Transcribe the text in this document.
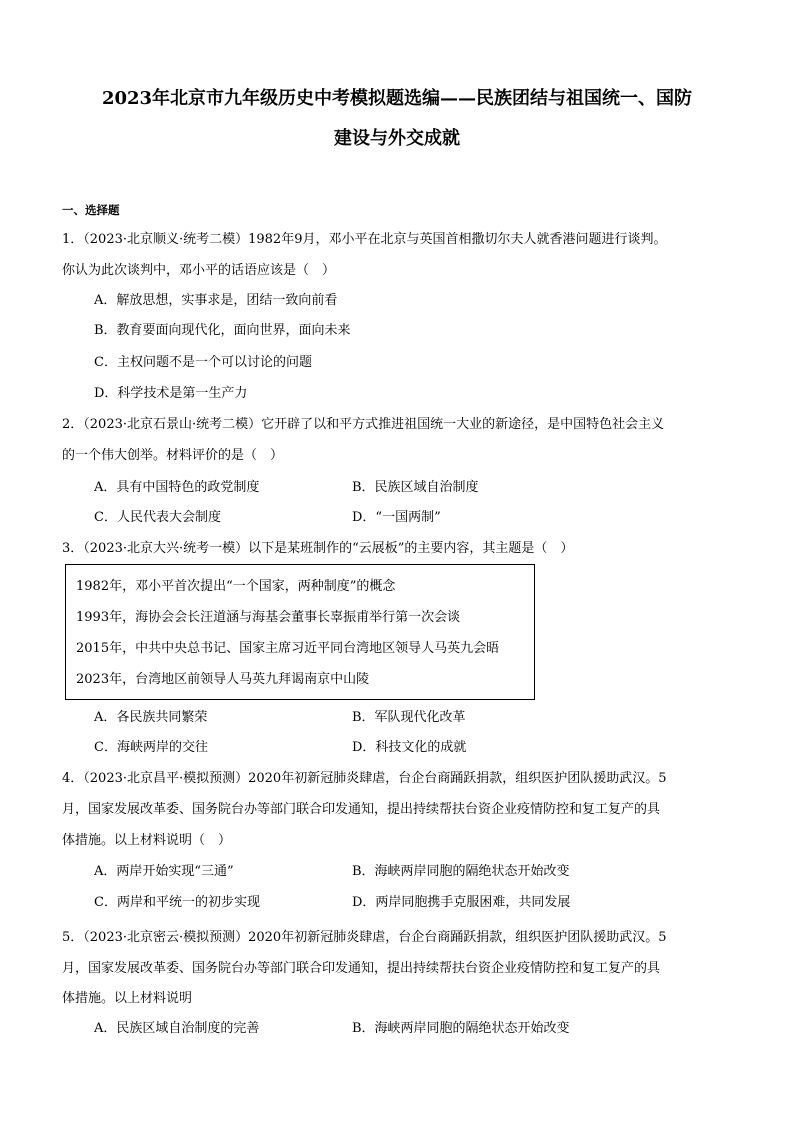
2023年北京市九年级历史中考模拟题选编——民族团结与祖国统一、国防
建设与外交成就
一、选择题
1．（2023·北京顺义·统考二模）1982年9月，邓小平在北京与英国首相撒切尔夫人就香港问题进行谈判。
你认为此次谈判中，邓小平的话语应该是（　）
A．解放思想，实事求是，团结一致向前看
B．教育要面向现代化，面向世界，面向未来
C．主权问题不是一个可以讨论的问题
D．科学技术是第一生产力
2．（2023·北京石景山·统考二模）它开辟了以和平方式推进祖国统一大业的新途径，是中国特色社会主义
的一个伟大创举。材料评价的是（　）
A．具有中国特色的政党制度	B．民族区域自治制度
C．人民代表大会制度	D．“一国两制”
3．（2023·北京大兴·统考一模）以下是某班制作的“云展板”的主要内容，其主题是（　）
1982年，邓小平首次提出“一个国家，两种制度”的概念
1993年，海协会会长汪道涵与海基会董事长辜振甫举行第一次会谈
2015年，中共中央总书记、国家主席习近平同台湾地区领导人马英九会晤
2023年，台湾地区前领导人马英九拜谒南京中山陵
A．各民族共同繁荣	B．军队现代化改革
C．海峡两岸的交往	D．科技文化的成就
4．（2023·北京昌平·模拟预测）2020年初新冠肺炎肆虐，台企台商踊跃捐款，组织医护团队援助武汉。5
月，国家发展改革委、国务院台办等部门联合印发通知，提出持续帮扶台资企业疫情防控和复工复产的具
体措施。以上材料说明（　）
A．两岸开始实现“三通”	B．海峡两岸同胞的隔绝状态开始改变
C．两岸和平统一的初步实现	D．两岸同胞携手克服困难，共同发展
5．（2023·北京密云·模拟预测）2020年初新冠肺炎肆虐，台企台商踊跃捐款，组织医护团队援助武汉。5
月，国家发展改革委、国务院台办等部门联合印发通知，提出持续帮扶台资企业疫情防控和复工复产的具
体措施。以上材料说明
A．民族区域自治制度的完善	B．海峡两岸同胞的隔绝状态开始改变
